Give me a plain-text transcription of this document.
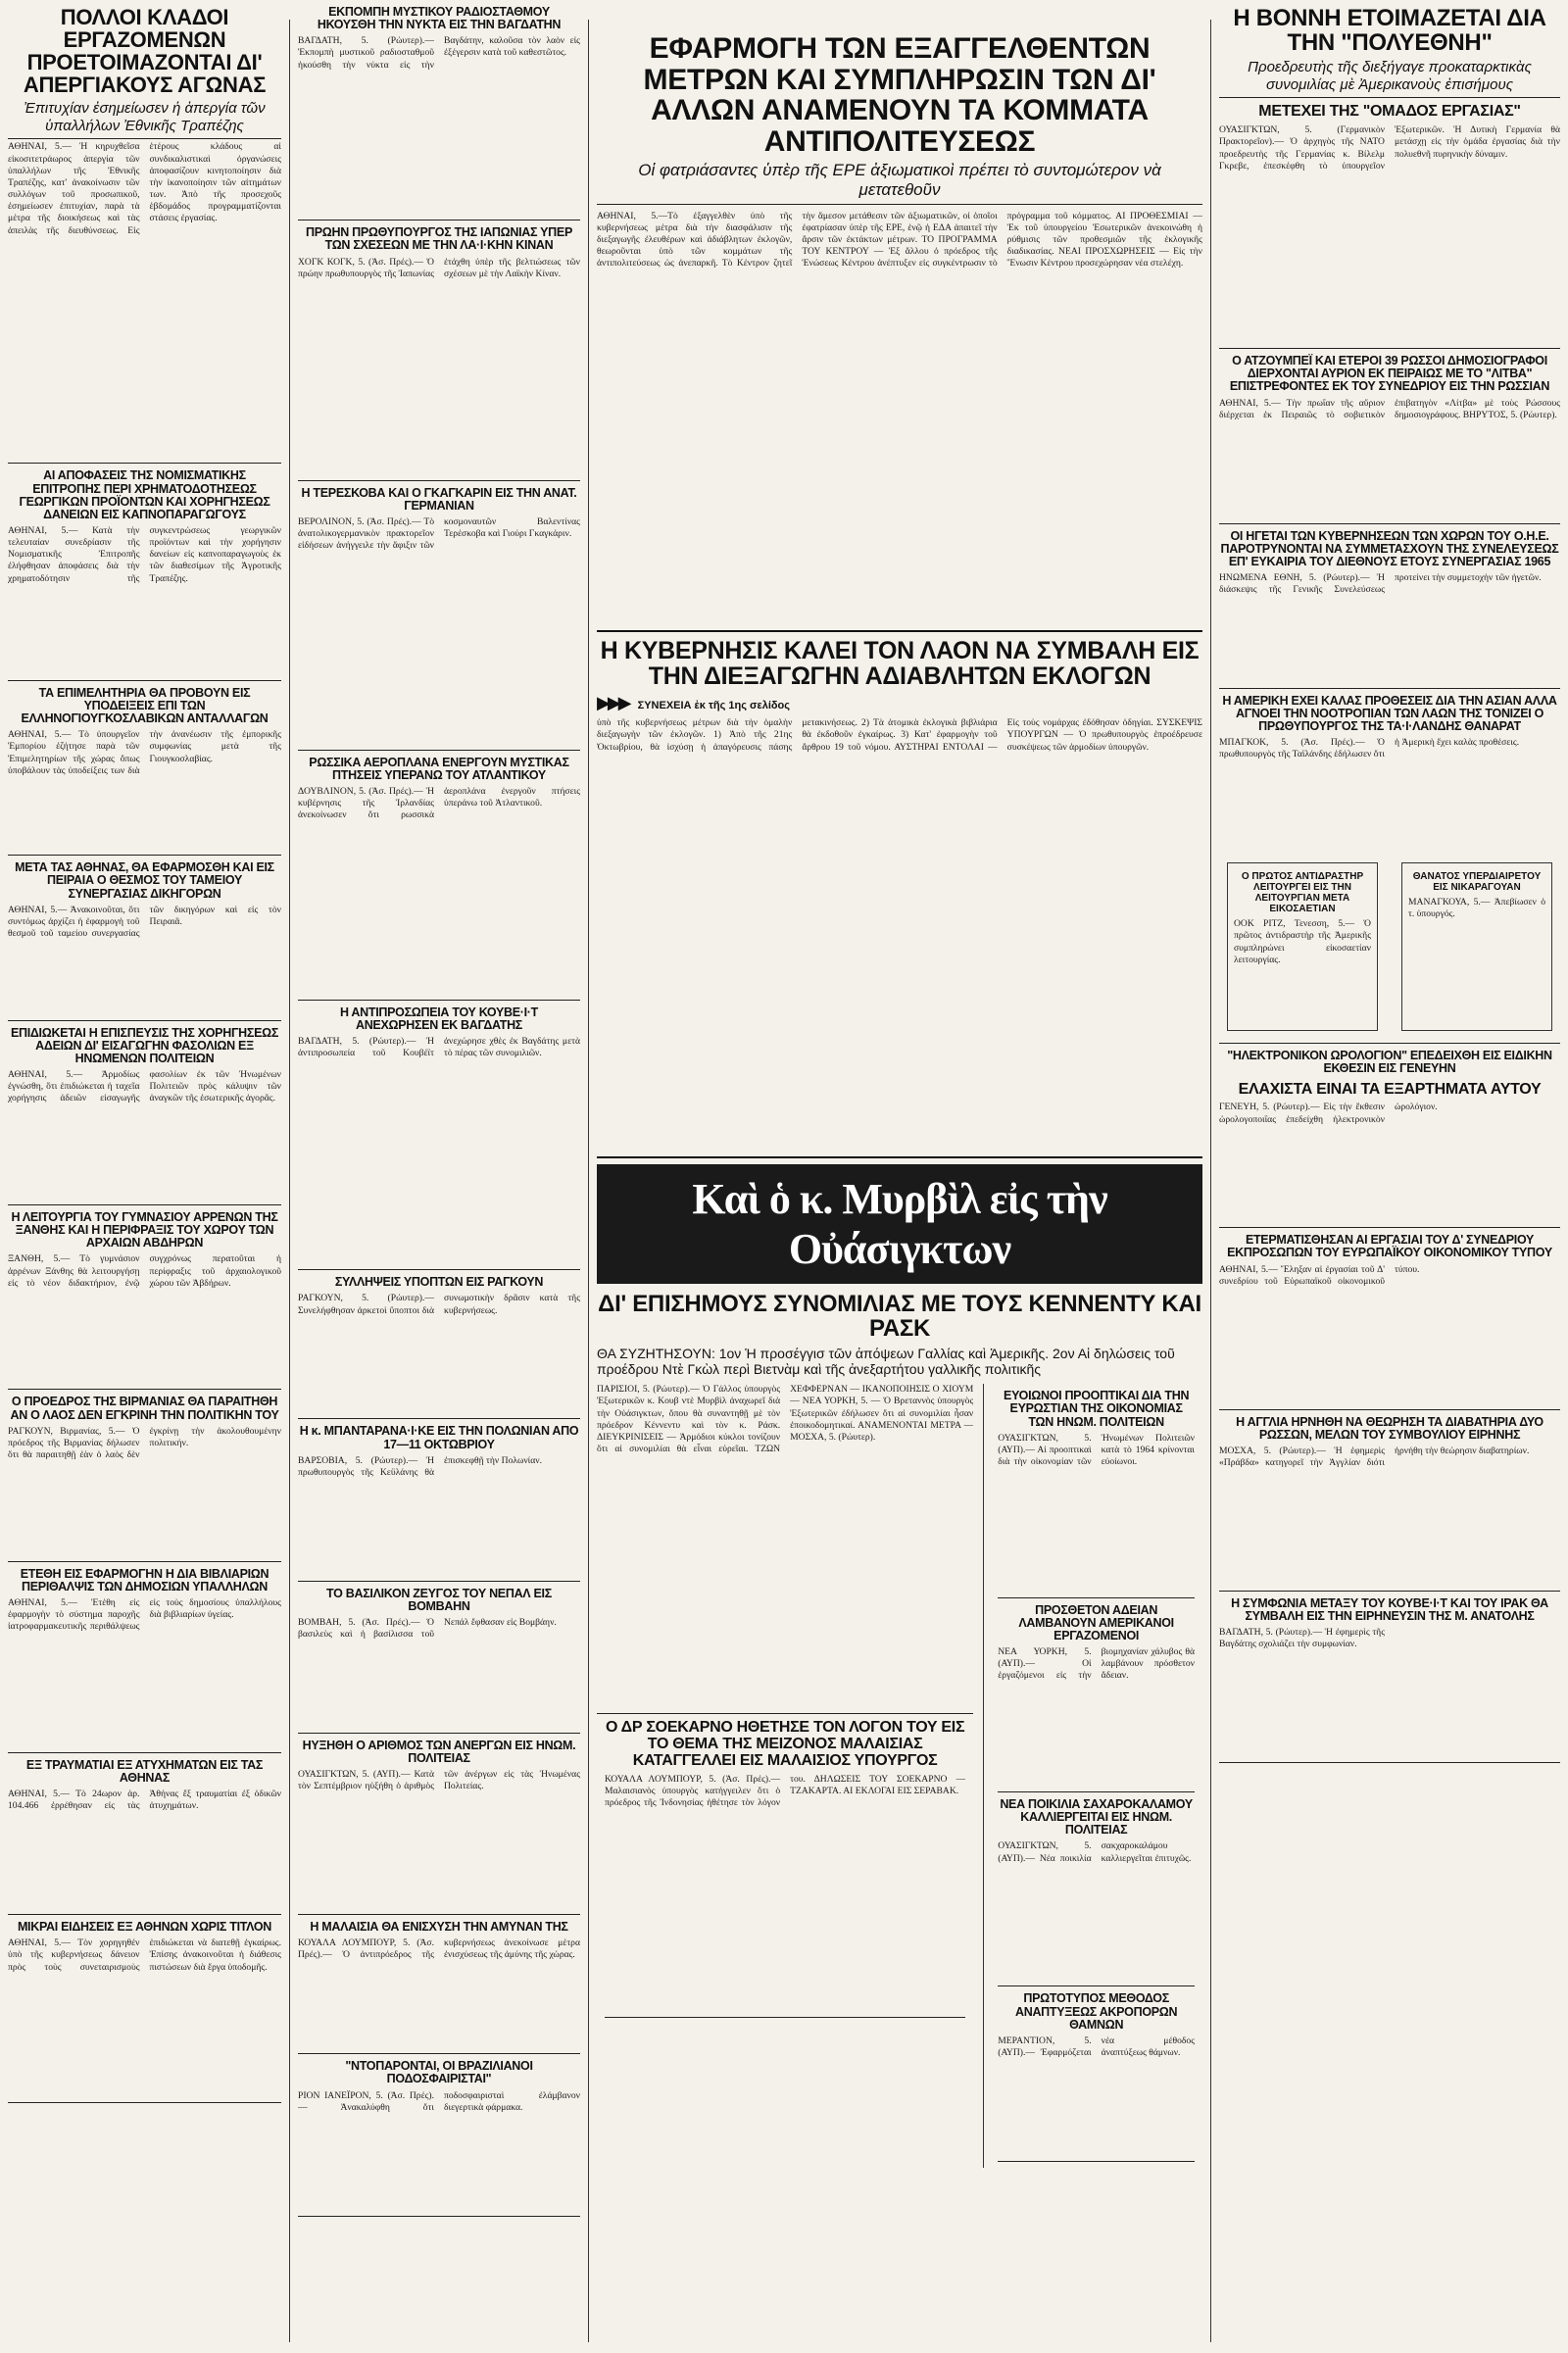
ΠΟΛΛΟΙ ΚΛΑΔΟΙ ΕΡΓΑΖΟΜΕΝΩΝ ΠΡΟΕΤΟΙΜΑΖΟΝΤΑΙ ΔΙ' ΑΠΕΡΓΙΑΚΟΥΣ ΑΓΩΝΑΣ
Ἐπιτυχίαν ἐσημείωσεν ἡ ἀπεργία τῶν ὑπαλλήλων Ἐθνικῆς Τραπέζης
ΑΘΗΝΑΙ, 5.— Ἡ κηρυχθεῖσα εἰκοσιτετράωρος ἀπεργία τῶν ὑπαλλήλων τῆς Ἐθνικῆς Τραπέζης, κατ' ἀνακοίνωσιν τῶν συλλόγων τοῦ προσωπικοῦ, ἐσημείωσεν ἐπιτυχίαν, παρὰ τὰ μέτρα τῆς διοικήσεως καὶ τὰς ἀπειλὰς τῆς διευθύνσεως. Εἰς ἑτέρους κλάδους αἱ συνδικαλιστικαὶ ὀργανώσεις ἀποφασίζουν κινητοποίησιν διὰ τὴν ἱκανοποίησιν τῶν αἰτημάτων των. Ἀπὸ τῆς προσεχοῦς ἑβδομάδος προγραμματίζονται στάσεις ἐργασίας.
ΑΙ ΑΠΟΦΑΣΕΙΣ ΤΗΣ ΝΟΜΙΣΜΑΤΙΚΗΣ ΕΠΙΤΡΟΠΗΣ ΠΕΡΙ ΧΡΗΜΑΤΟΔΟΤΗΣΕΩΣ ΓΕΩΡΓΙΚΩΝ ΠΡΟΪΟΝΤΩΝ ΚΑΙ ΧΟΡΗΓΗΣΕΩΣ ΔΑΝΕΙΩΝ ΕΙΣ ΚΑΠΝΟΠΑΡΑΓΩΓΟΥΣ
ΑΘΗΝΑΙ, 5.— Κατὰ τὴν τελευταίαν συνεδρίασιν τῆς Νομισματικῆς Ἐπιτροπῆς ἐλήφθησαν ἀποφάσεις διὰ τὴν χρηματοδότησιν τῆς συγκεντρώσεως γεωργικῶν προϊόντων καὶ τὴν χορήγησιν δανείων εἰς καπνοπαραγωγοὺς ἐκ τῶν διαθεσίμων τῆς Ἀγροτικῆς Τραπέζης.
ΤΑ ΕΠΙΜΕΛΗΤΗΡΙΑ ΘΑ ΠΡΟΒΟΥΝ ΕΙΣ ΥΠΟΔΕΙΞΕΙΣ ΕΠΙ ΤΩΝ ΕΛΛΗΝΟΓΙΟΥΓΚΟΣΛΑΒΙΚΩΝ ΑΝΤΑΛΛΑΓΩΝ
ΑΘΗΝΑΙ, 5.— Τὸ ὑπουργεῖον Ἐμπορίου ἐζήτησε παρὰ τῶν Ἐπιμελητηρίων τῆς χώρας ὅπως ὑποβάλουν τὰς ὑποδείξεις των διὰ τὴν ἀνανέωσιν τῆς ἐμπορικῆς συμφωνίας μετὰ τῆς Γιουγκοσλαβίας.
ΜΕΤΑ ΤΑΣ ΑΘΗΝΑΣ, ΘΑ ΕΦΑΡΜΟΣΘΗ ΚΑΙ ΕΙΣ ΠΕΙΡΑΙΑ Ο ΘΕΣΜΟΣ ΤΟΥ ΤΑΜΕΙΟΥ ΣΥΝΕΡΓΑΣΙΑΣ ΔΙΚΗΓΟΡΩΝ
ΑΘΗΝΑΙ, 5.— Ἀνακοινοῦται, ὅτι συντόμως ἀρχίζει ἡ ἐφαρμογὴ τοῦ θεσμοῦ τοῦ ταμείου συνεργασίας τῶν δικηγόρων καὶ εἰς τὸν Πειραιᾶ.
ΕΠΙΔΙΩΚΕΤΑΙ Η ΕΠΙΣΠΕΥΣΙΣ ΤΗΣ ΧΟΡΗΓΗΣΕΩΣ ΑΔΕΙΩΝ ΔΙ' ΕΙΣΑΓΩΓΗΝ ΦΑΣΟΛΙΩΝ ΕΞ ΗΝΩΜΕΝΩΝ ΠΟΛΙΤΕΙΩΝ
ΑΘΗΝΑΙ, 5.— Ἀρμοδίως ἐγνώσθη, ὅτι ἐπιδιώκεται ἡ ταχεῖα χορήγησις ἀδειῶν εἰσαγωγῆς φασολίων ἐκ τῶν Ἡνωμένων Πολιτειῶν πρὸς κάλυψιν τῶν ἀναγκῶν τῆς ἐσωτερικῆς ἀγορᾶς.
Η ΛΕΙΤΟΥΡΓΙΑ ΤΟΥ ΓΥΜΝΑΣΙΟΥ ΑΡΡΕΝΩΝ ΤΗΣ ΞΑΝΘΗΣ ΚΑΙ Η ΠΕΡΙΦΡΑΞΙΣ ΤΟΥ ΧΩΡΟΥ ΤΩΝ ΑΡΧΑΙΩΝ ΑΒΔΗΡΩΝ
ΞΑΝΘΗ, 5.— Τὸ γυμνάσιον ἀρρένων Ξάνθης θὰ λειτουργήσῃ εἰς τὸ νέον διδακτήριον, ἐνῷ συγχρόνως περατοῦται ἡ περίφραξις τοῦ ἀρχαιολογικοῦ χώρου τῶν Ἀβδήρων.
Ο ΠΡΟΕΔΡΟΣ ΤΗΣ ΒΙΡΜΑΝΙΑΣ ΘΑ ΠΑΡΑΙΤΗΘΗ ΑΝ Ο ΛΑΟΣ ΔΕΝ ΕΓΚΡΙΝΗ ΤΗΝ ΠΟΛΙΤΙΚΗΝ ΤΟΥ
ΡΑΓΚΟΥΝ, Βιρμανίας, 5.— Ὁ πρόεδρος τῆς Βιρμανίας δήλωσεν ὅτι θὰ παραιτηθῇ ἐὰν ὁ λαὸς δὲν ἐγκρίνῃ τὴν ἀκολουθουμένην πολιτικήν.
ΕΤΕΘΗ ΕΙΣ ΕΦΑΡΜΟΓΗΝ Η ΔΙΑ ΒΙΒΛΙΑΡΙΩΝ ΠΕΡΙΘΑΛΨΙΣ ΤΩΝ ΔΗΜΟΣΙΩΝ ΥΠΑΛΛΗΛΩΝ
ΑΘΗΝΑΙ, 5.— Ἐτέθη εἰς ἐφαρμογὴν τὸ σύστημα παροχῆς ἰατροφαρμακευτικῆς περιθάλψεως εἰς τοὺς δημοσίους ὑπαλλήλους διὰ βιβλιαρίων ὑγείας.
ΕΞ ΤΡΑΥΜΑΤΙΑΙ ΕΞ ΑΤΥΧΗΜΑΤΩΝ ΕΙΣ ΤΑΣ ΑΘΗΝΑΣ
ΑΘΗΝΑΙ, 5.— Τὸ 24ωρον ἀρ. 104.466 ἐρρέθησαν εἰς τὰς Ἀθήνας ἕξ τραυματίαι ἐξ ὁδικῶν ἀτυχημάτων.
ΜΙΚΡΑΙ ΕΙΔΗΣΕΙΣ ΕΞ ΑΘΗΝΩΝ ΧΩΡΙΣ ΤΙΤΛΟΝ
ΑΘΗΝΑΙ, 5.— Τὸν χορηγηθέν ὑπὸ τῆς κυβερνήσεως δάνειον πρὸς τοὺς συνεταιρισμοὺς ἐπιδιώκεται νὰ διατεθῇ ἐγκαίρως. Ἐπίσης ἀνακοινοῦται ἡ διάθεσις πιστώσεων διὰ ἔργα ὑποδομῆς.
ΕΚΠΟΜΠΗ ΜΥΣΤΙΚΟΥ ΡΑΔΙΟΣΤΑΘΜΟΥ ΗΚΟΥΣΘΗ ΤΗΝ ΝΥΚΤΑ ΕΙΣ ΤΗΝ ΒΑΓΔΑΤΗΝ
ΒΑΓΔΑΤΗ, 5. (Ρώυτερ).— Ἐκπομπὴ μυστικοῦ ραδιοσταθμοῦ ἠκούσθη τὴν νύκτα εἰς τὴν Βαγδάτην, καλοῦσα τὸν λαὸν εἰς ἐξέγερσιν κατὰ τοῦ καθεστῶτος.
ΠΡΩΗΝ ΠΡΩΘΥΠΟΥΡΓΟΣ ΤΗΣ ΙΑΠΩΝΙΑΣ ΥΠΕΡ ΤΩΝ ΣΧΕΣΕΩΝ ΜΕ ΤΗΝ ΛΑ·Ι·ΚΗΝ ΚΙΝΑΝ
ΧΟΓΚ ΚΟΓΚ, 5. (Ἀσ. Πρές).— Ὁ πρώην πρωθυπουργὸς τῆς Ἰαπωνίας ἐτάχθη ὑπὲρ τῆς βελτιώσεως τῶν σχέσεων μὲ τὴν Λαϊκὴν Κίναν.
Η ΤΕΡΕΣΚΟΒΑ ΚΑΙ Ο ΓΚΑΓΚΑΡΙΝ ΕΙΣ ΤΗΝ ΑΝΑΤ. ΓΕΡΜΑΝΙΑΝ
ΒΕΡΟΛΙΝΟΝ, 5. (Ἀσ. Πρές).— Τὸ ἀνατολικογερμανικὸν πρακτορεῖον εἰδήσεων ἀνήγγειλε τὴν ἄφιξιν τῶν κοσμοναυτῶν Βαλεντίνας Τερέσκοβα καὶ Γιούρι Γκαγκάριν.
ΡΩΣΣΙΚΑ ΑΕΡΟΠΛΑΝΑ ΕΝΕΡΓΟΥΝ ΜΥΣΤΙΚΑΣ ΠΤΗΣΕΙΣ ΥΠΕΡΑΝΩ ΤΟΥ ΑΤΛΑΝΤΙΚΟΥ
ΔΟΥΒΛΙΝΟΝ, 5. (Ἀσ. Πρές).— Ἡ κυβέρνησις τῆς Ἰρλανδίας ἀνεκοίνωσεν ὅτι ρωσσικὰ ἀεροπλάνα ἐνεργοῦν πτήσεις ὑπεράνω τοῦ Ἀτλαντικοῦ.
Η ΑΝΤΙΠΡΟΣΩΠΕΙΑ ΤΟΥ ΚΟΥΒΕ·Ι·Τ ΑΝΕΧΩΡΗΣΕΝ ΕΚ ΒΑΓΔΑΤΗΣ
ΒΑΓΔΑΤΗ, 5. (Ρώυτερ).— Ἡ ἀντιπροσωπεία τοῦ Κουβέϊτ ἀνεχώρησε χθὲς ἐκ Βαγδάτης μετὰ τὸ πέρας τῶν συνομιλιῶν.
ΣΥΛΛΗΨΕΙΣ ΥΠΟΠΤΩΝ ΕΙΣ ΡΑΓΚΟΥΝ
ΡΑΓΚΟΥΝ, 5. (Ρώυτερ).— Συνελήφθησαν ἀρκετοὶ ὕποπτοι διὰ συνωμοτικὴν δρᾶσιν κατὰ τῆς κυβερνήσεως.
Η κ. ΜΠΑΝΤΑΡΑΝΑ·Ι·ΚΕ ΕΙΣ ΤΗΝ ΠΟΛΩΝΙΑΝ ΑΠΟ 17—11 ΟΚΤΩΒΡΙΟΥ
ΒΑΡΣΟΒΙΑ, 5. (Ρώυτερ).— Ἡ πρωθυπουργὸς τῆς Κεϋλάνης θὰ ἐπισκεφθῇ τὴν Πολωνίαν.
ΤΟ ΒΑΣΙΛΙΚΟΝ ΖΕΥΓΟΣ ΤΟΥ ΝΕΠΑΛ ΕΙΣ ΒΟΜΒΑΗΝ
ΒΟΜΒΑΗ, 5. (Ἀσ. Πρές).— Ὁ βασιλεὺς καὶ ἡ βασίλισσα τοῦ Νεπάλ ἔφθασαν εἰς Βομβάην.
ΗΥΞΗΘΗ Ο ΑΡΙΘΜΟΣ ΤΩΝ ΑΝΕΡΓΩΝ ΕΙΣ ΗΝΩΜ. ΠΟΛΙΤΕΙΑΣ
ΟΥΑΣΙΓΚΤΩΝ, 5. (ΑΥΠ).— Κατὰ τὸν Σεπτέμβριον ηὐξήθη ὁ ἀριθμὸς τῶν ἀνέργων εἰς τὰς Ἡνωμένας Πολιτείας.
Η ΜΑΛΑΙΣΙΑ ΘΑ ΕΝΙΣΧΥΣΗ ΤΗΝ ΑΜΥΝΑΝ ΤΗΣ
ΚΟΥΑΛΑ ΛΟΥΜΠΟΥΡ, 5. (Ἀσ. Πρές).— Ὁ ἀντιπρόεδρος τῆς κυβερνήσεως ἀνεκοίνωσε μέτρα ἐνισχύσεως τῆς ἀμύνης τῆς χώρας.
"ΝΤΟΠΑΡΟΝΤΑΙ, ΟΙ ΒΡΑΖΙΛΙΑΝΟΙ ΠΟΔΟΣΦΑΙΡΙΣΤΑΙ"
ΡΙΟΝ ΙΑΝΕΪΡΟΝ, 5. (Ἀσ. Πρές).— Ἀνακαλύφθη ὅτι ποδοσφαιρισταὶ ἐλάμβανον διεγερτικὰ φάρμακα.
ΕΦΑΡΜΟΓΗ ΤΩΝ ΕΞΑΓΓΕΛΘΕΝΤΩΝ ΜΕΤΡΩΝ ΚΑΙ ΣΥΜΠΛΗΡΩΣΙΝ ΤΩΝ ΔΙ' ΑΛΛΩΝ ΑΝΑΜΕΝΟΥΝ ΤΑ ΚΟΜΜΑΤΑ ΑΝΤΙΠΟΛΙΤΕΥΣΕΩΣ
Οἱ φατριάσαντες ὑπὲρ τῆς ΕΡΕ ἀξιωματικοὶ πρέπει τὸ συντομώτερον νὰ μετατεθοῦν
ΑΘΗΝΑΙ, 5.—Τὸ ἐξαγγελθὲν ὑπὸ τῆς κυβερνήσεως μέτρα διὰ τὴν διασφάλισιν τῆς διεξαγωγῆς ἐλευθέρων καὶ ἀδιάβλητων ἐκλογῶν, θεωροῦνται ὑπὸ τῶν κομμάτων τῆς ἀντιπολιτεύσεως ὡς ἀνεπαρκῆ. Τὸ Κέντρον ζητεῖ τὴν ἄμεσον μετάθεσιν τῶν ἀξιωματικῶν, οἱ ὁποῖοι ἐφατρίασαν ὑπὲρ τῆς ΕΡΕ, ἐνῷ ἡ ΕΔΑ ἀπαιτεῖ τὴν ἄρσιν τῶν ἐκτάκτων μέτρων. ΤΟ ΠΡΟΓΡΑΜΜΑ ΤΟΥ ΚΕΝΤΡΟΥ — Ἐξ ἄλλου ὁ πρόεδρος τῆς Ἑνώσεως Κέντρου ἀνέπτυξεν εἰς συγκέντρωσιν τὸ πρόγραμμα τοῦ κόμματος. ΑΙ ΠΡΟΘΕΣΜΙΑΙ — Ἐκ τοῦ ὑπουργείου Ἐσωτερικῶν ἀνεκοινώθη ἡ ρύθμισις τῶν προθεσμιῶν τῆς ἐκλογικῆς διαδικασίας. ΝΕΑΙ ΠΡΟΣΧΩΡΗΣΕΙΣ — Εἰς τὴν Ἕνωσιν Κέντρου προσεχώρησαν νέα στελέχη.
Η ΚΥΒΕΡΝΗΣΙΣ ΚΑΛΕΙ ΤΟΝ ΛΑΟΝ ΝΑ ΣΥΜΒΑΛΗ ΕΙΣ ΤΗΝ ΔΙΕΞΑΓΩΓΗΝ ΑΔΙΑΒΛΗΤΩΝ ΕΚΛΟΓΩΝ
▶▶▶ ΣΥΝΕΧΕΙΑ ἐκ τῆς 1ης σελίδος
ὑπὸ τῆς κυβερνήσεως μέτρων διὰ τὴν ὁμαλὴν διεξαγωγὴν τῶν ἐκλογῶν. 1) Ἀπὸ τῆς 21ης Ὀκτωβρίου, θὰ ἰσχύσῃ ἡ ἀπαγόρευσις πάσης μετακινήσεως. 2) Τὰ ἀτομικὰ ἐκλογικὰ βιβλιάρια θὰ ἐκδοθοῦν ἐγκαίρως. 3) Κατ' ἐφαρμογὴν τοῦ ἄρθρου 19 τοῦ νόμου. ΑΥΣΤΗΡΑΙ ΕΝΤΟΛΑΙ — Εἰς τοὺς νομάρχας ἐδόθησαν ὁδηγίαι. ΣΥΣΚΕΨΙΣ ΥΠΟΥΡΓΩΝ — Ὁ πρωθυπουργὸς ἐπροέδρευσε συσκέψεως τῶν ἁρμοδίων ὑπουργῶν.
Καὶ ὁ κ. Μυρβὶλ εἰς τὴν Οὐάσιγκτων
ΔΙ' ΕΠΙΣΗΜΟΥΣ ΣΥΝΟΜΙΛΙΑΣ ΜΕ ΤΟΥΣ ΚΕΝΝΕΝΤΥ ΚΑΙ ΡΑΣΚ
ΘΑ ΣΥΖΗΤΗΣΟΥΝ: 1ον Ἡ προσέγγισ τῶν ἀπόψεων Γαλλίας καὶ Ἀμερικῆς. 2ον Αἱ δηλώσεις τοῦ προέδρου Ντὲ Γκὼλ περὶ Βιετνὰμ καὶ τῆς ἀνεξαρτήτου γαλλικῆς πολιτικῆς
ΠΑΡΙΣΙΟΙ, 5. (Ρώυτερ).— Ὁ Γάλλος ὑπουργὸς Ἐξωτερικῶν κ. Κουβ ντὲ Μυρβὶλ ἀναχωρεῖ διὰ τὴν Οὐάσιγκτων, ὅπου θὰ συναντηθῇ μὲ τὸν πρόεδρον Κέννεντυ καὶ τὸν κ. Ράσκ. ΔΙΕΥΚΡΙΝΙΣΕΙΣ — Ἀρμόδιοι κύκλοι τονίζουν ὅτι αἱ συνομιλίαι θὰ εἶναι εὐρεῖαι. ΤΖΩΝ ΧΕΦΦΕΡΝΑΝ — ΙΚΑΝΟΠΟΙΗΣΙΣ Ο ΧΙΟΥΜ — ΝΕΑ ΥΟΡΚΗ, 5. — Ὁ Βρεταννὸς ὑπουργὸς Ἐξωτερικῶν ἐδήλωσεν ὅτι αἱ συνομιλίαι ἦσαν ἐποικοδομητικαί. ΑΝΑΜΕΝΟΝΤΑΙ ΜΕΤΡΑ — ΜΟΣΧΑ, 5. (Ρώυτερ).
Ο ΔΡ ΣΟΕΚΑΡΝΟ ΗΘΕΤΗΣΕ ΤΟΝ ΛΟΓΟΝ ΤΟΥ ΕΙΣ ΤΟ ΘΕΜΑ ΤΗΣ ΜΕΙΖΟΝΟΣ ΜΑΛΑΙΣΙΑΣ ΚΑΤΑΓΓΕΛΛΕΙ ΕΙΣ ΜΑΛΑΙΣΙΟΣ ΥΠΟΥΡΓΟΣ
ΚΟΥΑΛΑ ΛΟΥΜΠΟΥΡ, 5. (Ἀσ. Πρές).— Μαλαισιανὸς ὑπουργὸς κατήγγειλεν ὅτι ὁ πρόεδρος τῆς Ἰνδονησίας ἠθέτησε τὸν λόγον του. ΔΗΛΩΣΕΙΣ ΤΟΥ ΣΟΕΚΑΡΝΟ — ΤΖΑΚΑΡΤΑ. ΑΙ ΕΚΛΟΓΑΙ ΕΙΣ ΣΕΡΑΒΑΚ.
ΕΥΟΙΩΝΟΙ ΠΡΟΟΠΤΙΚΑΙ ΔΙΑ ΤΗΝ ΕΥΡΩΣΤΙΑΝ ΤΗΣ ΟΙΚΟΝΟΜΙΑΣ ΤΩΝ ΗΝΩΜ. ΠΟΛΙΤΕΙΩΝ
ΟΥΑΣΙΓΚΤΩΝ, 5. (ΑΥΠ).— Αἱ προοπτικαὶ διὰ τὴν οἰκονομίαν τῶν Ἡνωμένων Πολιτειῶν κατὰ τὸ 1964 κρίνονται εὐοίωνοι.
ΠΡΟΣΘΕΤΟΝ ΑΔΕΙΑΝ ΛΑΜΒΑΝΟΥΝ ΑΜΕΡΙΚΑΝΟΙ ΕΡΓΑΖΟΜΕΝΟΙ
ΝΕΑ ΥΟΡΚΗ, 5. (ΑΥΠ).— Οἱ ἐργαζόμενοι εἰς τὴν βιομηχανίαν χάλυβος θὰ λαμβάνουν πρόσθετον ἄδειαν.
ΝΕΑ ΠΟΙΚΙΛΙΑ ΣΑΧΑΡΟΚΑΛΑΜΟΥ ΚΑΛΛΙΕΡΓΕΙΤΑΙ ΕΙΣ ΗΝΩΜ. ΠΟΛΙΤΕΙΑΣ
ΟΥΑΣΙΓΚΤΩΝ, 5. (ΑΥΠ).— Νέα ποικιλία σακχαροκαλάμου καλλιεργεῖται ἐπιτυχῶς.
ΠΡΩΤΟΤΥΠΟΣ ΜΕΘΟΔΟΣ ΑΝΑΠΤΥΞΕΩΣ ΑΚΡΟΠΟΡΩΝ ΘΑΜΝΩΝ
ΜΕΡΑΝΤΙΟΝ, 5. (ΑΥΠ).— Ἐφαρμόζεται νέα μέθοδος ἀναπτύξεως θάμνων.
Η ΒΟΝΝΗ ΕΤΟΙΜΑΖΕΤΑΙ ΔΙΑ ΤΗΝ "ΠΟΛΥΕΘΝΗ"
Προεδρευτὴς τῆς διεξήγαγε προκαταρκτικὰς συνομιλίας μὲ Ἀμερικανοὺς ἐπισήμους
ΜΕΤΕΧΕΙ ΤΗΣ "ΟΜΑΔΟΣ ΕΡΓΑΣΙΑΣ"
ΟΥΑΣΙΓΚΤΩΝ, 5. (Γερμανικὸν Πρακτορεῖον).— Ὁ ἀρχηγὸς τῆς ΝΑΤΟ προεδρευτὴς τῆς Γερμανίας κ. Βίλελμ Γκρεβε, ἐπεσκέφθη τὸ ὑπουργεῖον Ἐξωτερικῶν. Ἡ Δυτικὴ Γερμανία θὰ μετάσχῃ εἰς τὴν ὁμάδα ἐργασίας διὰ τὴν πολυεθνῆ πυρηνικὴν δύναμιν.
Ο ΑΤΖΟΥΜΠΕΪ ΚΑΙ ΕΤΕΡΟΙ 39 ΡΩΣΣΟΙ ΔΗΜΟΣΙΟΓΡΑΦΟΙ ΔΙΕΡΧΟΝΤΑΙ ΑΥΡΙΟΝ ΕΚ ΠΕΙΡΑΙΩΣ ΜΕ ΤΟ "ΛΙΤΒΑ" ΕΠΙΣΤΡΕΦΟΝΤΕΣ ΕΚ ΤΟΥ ΣΥΝΕΔΡΙΟΥ ΕΙΣ ΤΗΝ ΡΩΣΣΙΑΝ
ΑΘΗΝΑΙ, 5.— Τὴν πρωΐαν τῆς αὔριον διέρχεται ἐκ Πειραιῶς τὸ σοβιετικὸν ἐπιβατηγὸν «Λίτβα» μὲ τοὺς Ρώσσους δημοσιογράφους. ΒΗΡΥΤΟΣ, 5. (Ρώυτερ).
ΟΙ ΗΓΕΤΑΙ ΤΩΝ ΚΥΒΕΡΝΗΣΕΩΝ ΤΩΝ ΧΩΡΩΝ ΤΟΥ Ο.Η.Ε. ΠΑΡΟΤΡΥΝΟΝΤΑΙ ΝΑ ΣΥΜΜΕΤΑΣΧΟΥΝ ΤΗΣ ΣΥΝΕΛΕΥΣΕΩΣ ΕΠ' ΕΥΚΑΙΡΙΑ ΤΟΥ ΔΙΕΘΝΟΥΣ ΕΤΟΥΣ ΣΥΝΕΡΓΑΣΙΑΣ 1965
ΗΝΩΜΕΝΑ ΕΘΝΗ, 5. (Ρώυτερ).— Ἡ διάσκεψις τῆς Γενικῆς Συνελεύσεως προτείνει τὴν συμμετοχὴν τῶν ἡγετῶν.
Η ΑΜΕΡΙΚΗ ΕΧΕΙ ΚΑΛΑΣ ΠΡΟΘΕΣΕΙΣ ΔΙΑ ΤΗΝ ΑΣΙΑΝ ΑΛΛΑ ΑΓΝΟΕΙ ΤΗΝ ΝΟΟΤΡΟΠΙΑΝ ΤΩΝ ΛΑΩΝ ΤΗΣ ΤΟΝΙΖΕΙ Ο ΠΡΩΘΥΠΟΥΡΓΟΣ ΤΗΣ ΤΑ·Ι·ΛΑΝΔΗΣ ΘΑΝΑΡΑΤ
ΜΠΑΓΚΟΚ, 5. (Ἀσ. Πρές).— Ὁ πρωθυπουργὸς τῆς Ταϊλάνδης ἐδήλωσεν ὅτι ἡ Ἀμερικὴ ἔχει καλὰς προθέσεις.
Ο ΠΡΩΤΟΣ ΑΝΤΙΔΡΑΣΤΗΡ ΛΕΙΤΟΥΡΓΕΙ ΕΙΣ ΤΗΝ ΛΕΙΤΟΥΡΓΙΑΝ ΜΕΤΑ ΕΙΚΟΣΑΕΤΙΑΝ
ΟΟΚ ΡΙΤΖ, Τενεσση, 5.— Ὁ πρῶτος ἀντιδραστὴρ τῆς Ἀμερικῆς συμπληρώνει εἰκοσαετίαν λειτουργίας.
ΘΑΝΑΤΟΣ ΥΠΕΡΔΙΑΙΡΕΤΟΥ ΕΙΣ ΝΙΚΑΡΑΓΟΥΑΝ
ΜΑΝΑΓΚΟΥΑ, 5.— Ἀπεβίωσεν ὁ τ. ὑπουργός.
"ΗΛΕΚΤΡΟΝΙΚΟΝ ΩΡΟΛΟΓΙΟΝ" ΕΠΕΔΕΙΧΘΗ ΕΙΣ ΕΙΔΙΚΗΝ ΕΚΘΕΣΙΝ ΕΙΣ ΓΕΝΕΥΗΝ
ΕΛΑΧΙΣΤΑ ΕΙΝΑΙ ΤΑ ΕΞΑΡΤΗΜΑΤΑ ΑΥΤΟΥ
ΓΕΝΕΥΗ, 5. (Ρώυτερ).— Εἰς τὴν ἔκθεσιν ὡρολογοποιΐας ἐπεδείχθη ἠλεκτρονικὸν ὡρολόγιον.
ΕΤΕΡΜΑΤΙΣΘΗΣΑΝ ΑΙ ΕΡΓΑΣΙΑΙ ΤΟΥ Δ' ΣΥΝΕΔΡΙΟΥ ΕΚΠΡΟΣΩΠΩΝ ΤΟΥ ΕΥΡΩΠΑΪΚΟΥ ΟΙΚΟΝΟΜΙΚΟΥ ΤΥΠΟΥ
ΑΘΗΝΑΙ, 5.— Ἔληξαν αἱ ἐργασίαι τοῦ Δ' συνεδρίου τοῦ Εὐρωπαϊκοῦ οἰκονομικοῦ τύπου.
Η ΑΓΓΛΙΑ ΗΡΝΗΘΗ ΝΑ ΘΕΩΡΗΣΗ ΤΑ ΔΙΑΒΑΤΗΡΙΑ ΔΥΟ ΡΩΣΣΩΝ, ΜΕΛΩΝ ΤΟΥ ΣΥΜΒΟΥΛΙΟΥ ΕΙΡΗΝΗΣ
ΜΟΣΧΑ, 5. (Ρώυτερ).— Ἡ ἐφημερὶς «Πράβδα» κατηγορεῖ τὴν Ἀγγλίαν διότι ἠρνήθη τὴν θεώρησιν διαβατηρίων.
Η ΣΥΜΦΩΝΙΑ ΜΕΤΑΞΥ ΤΟΥ ΚΟΥΒΕ·Ι·Τ ΚΑΙ ΤΟΥ ΙΡΑΚ ΘΑ ΣΥΜΒΑΛΗ ΕΙΣ ΤΗΝ ΕΙΡΗΝΕΥΣΙΝ ΤΗΣ Μ. ΑΝΑΤΟΛΗΣ
ΒΑΓΔΑΤΗ, 5. (Ρώυτερ).— Ἡ ἐφημερὶς τῆς Βαγδάτης σχολιάζει τὴν συμφωνίαν.
